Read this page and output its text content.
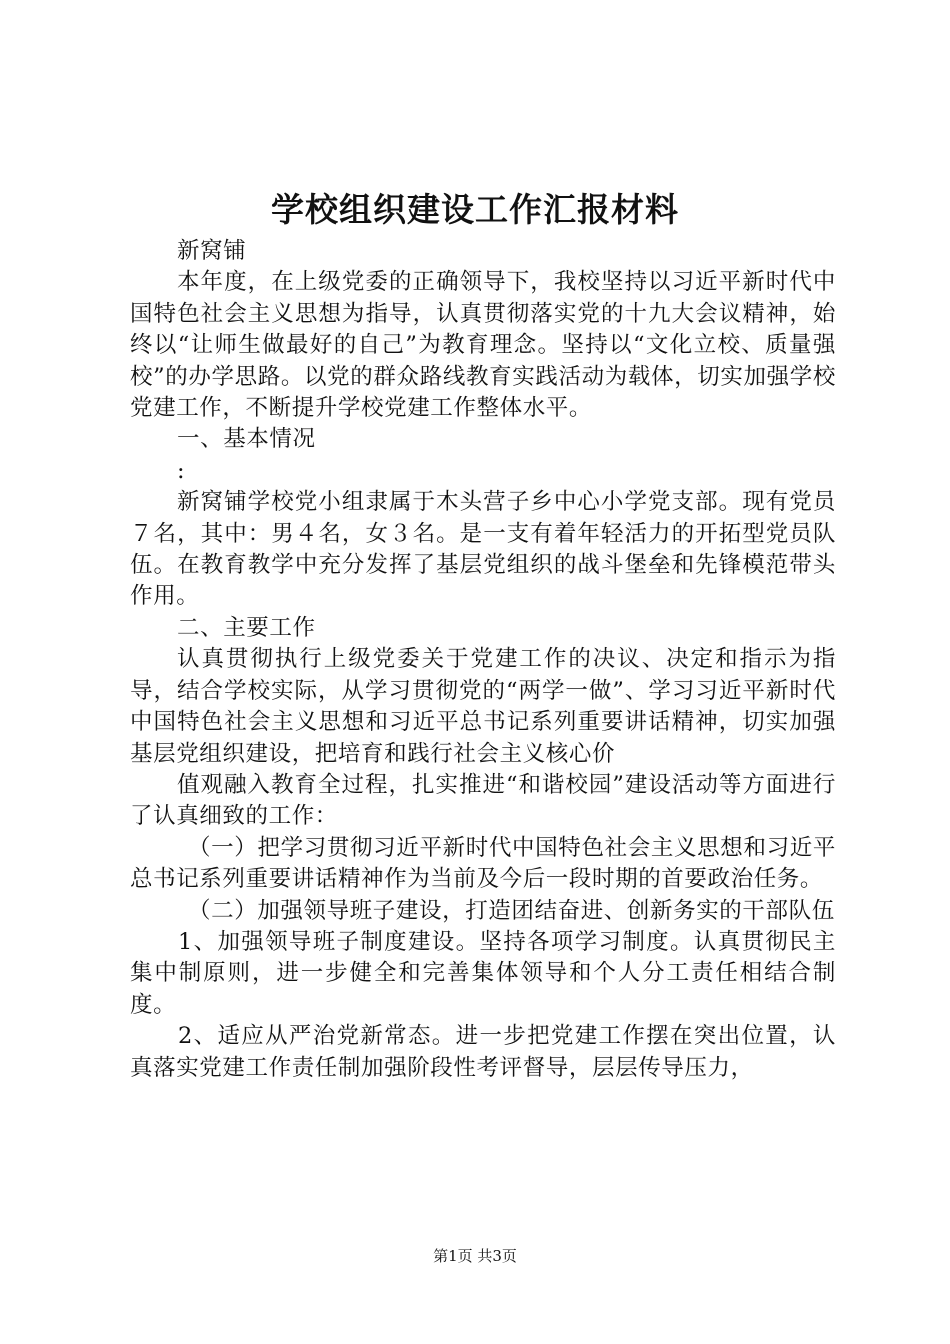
学校组织建设工作汇报材料

新窝铺

本年度，在上级党委的正确领导下，我校坚持以习近平新时代中国特色社会主义思想为指导，认真贯彻落实党的十九大会议精神，始终以“让师生做最好的自己”为教育理念。坚持以“文化立校、质量强校”的办学思路。以党的群众路线教育实践活动为载体，切实加强学校党建工作，不断提升学校党建工作整体水平。

一、基本情况

:

新窝铺学校党小组隶属于木头营子乡中心小学党支部。现有党员７名，其中：男４名，女３名。是一支有着年轻活力的开拓型党员队伍。在教育教学中充分发挥了基层党组织的战斗堡垒和先锋模范带头作用。

二、主要工作

认真贯彻执行上级党委关于党建工作的决议、决定和指示为指导，结合学校实际，从学习贯彻党的“两学一做”、学习习近平新时代中国特色社会主义思想和习近平总书记系列重要讲话精神，切实加强基层党组织建设，把培育和践行社会主义核心价

值观融入教育全过程，扎实推进“和谐校园”建设活动等方面进行了认真细致的工作：

（一）把学习贯彻习近平新时代中国特色社会主义思想和习近平总书记系列重要讲话精神作为当前及今后一段时期的首要政治任务。

（二）加强领导班子建设，打造团结奋进、创新务实的干部队伍

1、加强领导班子制度建设。坚持各项学习制度。认真贯彻民主集中制原则，进一步健全和完善集体领导和个人分工责任相结合制度。

2、适应从严治党新常态。进一步把党建工作摆在突出位置，认真落实党建工作责任制加强阶段性考评督导，层层传导压力，

第1页 共3页
